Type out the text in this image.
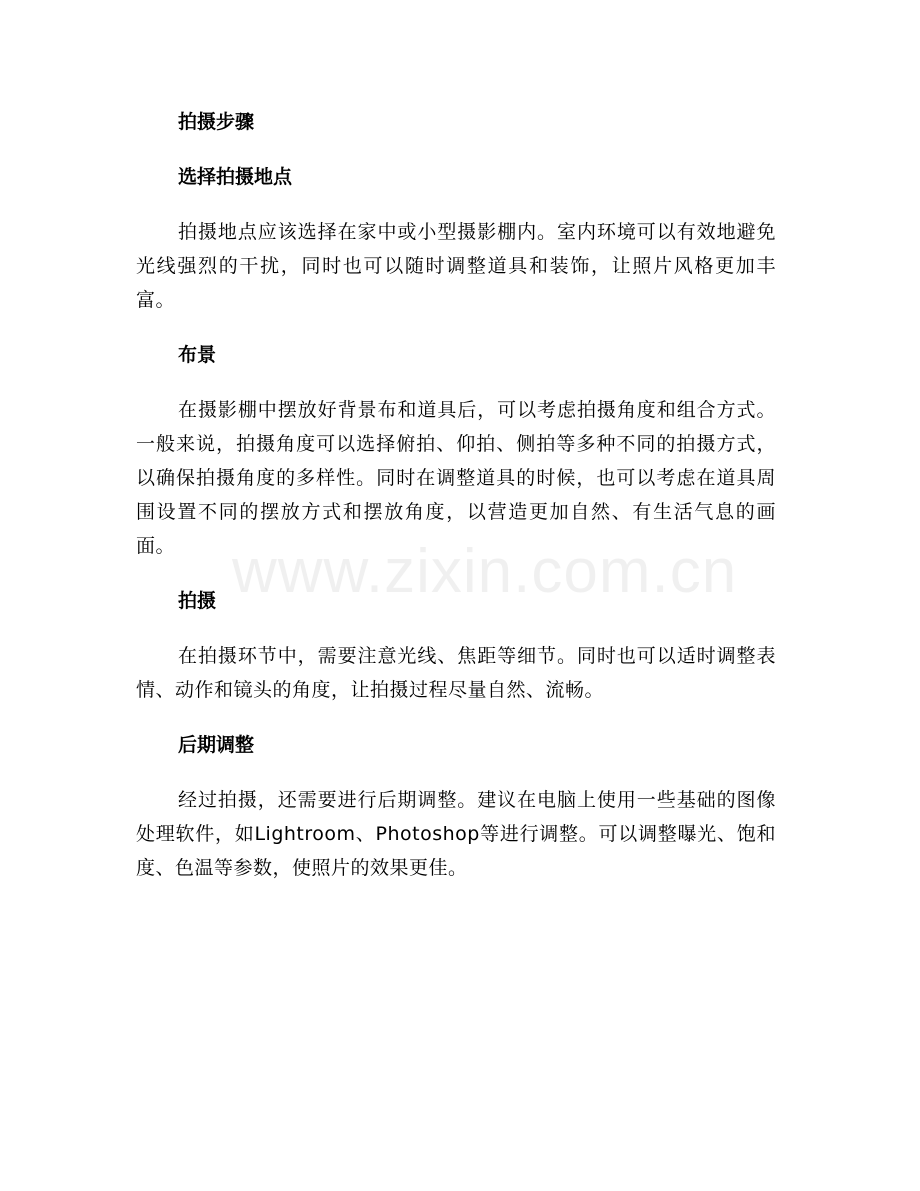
拍摄步骤
选择拍摄地点

拍摄地点应该选择在家中或小型摄影棚内。室内环境可以有效地避免光线强烈的干扰，同时也可以随时调整道具和装饰，让照片风格更加丰富。

布景

在摄影棚中摆放好背景布和道具后，可以考虑拍摄角度和组合方式。一般来说，拍摄角度可以选择俯拍、仰拍、侧拍等多种不同的拍摄方式，以确保拍摄角度的多样性。同时在调整道具的时候，也可以考虑在道具周围设置不同的摆放方式和摆放角度，以营造更加自然、有生活气息的画面。

拍摄

在拍摄环节中，需要注意光线、焦距等细节。同时也可以适时调整表情、动作和镜头的角度，让拍摄过程尽量自然、流畅。

后期调整

经过拍摄，还需要进行后期调整。建议在电脑上使用一些基础的图像处理软件，如Lightroom、Photoshop等进行调整。可以调整曝光、饱和度、色温等参数，使照片的效果更佳。

www.zixin.com.cn
